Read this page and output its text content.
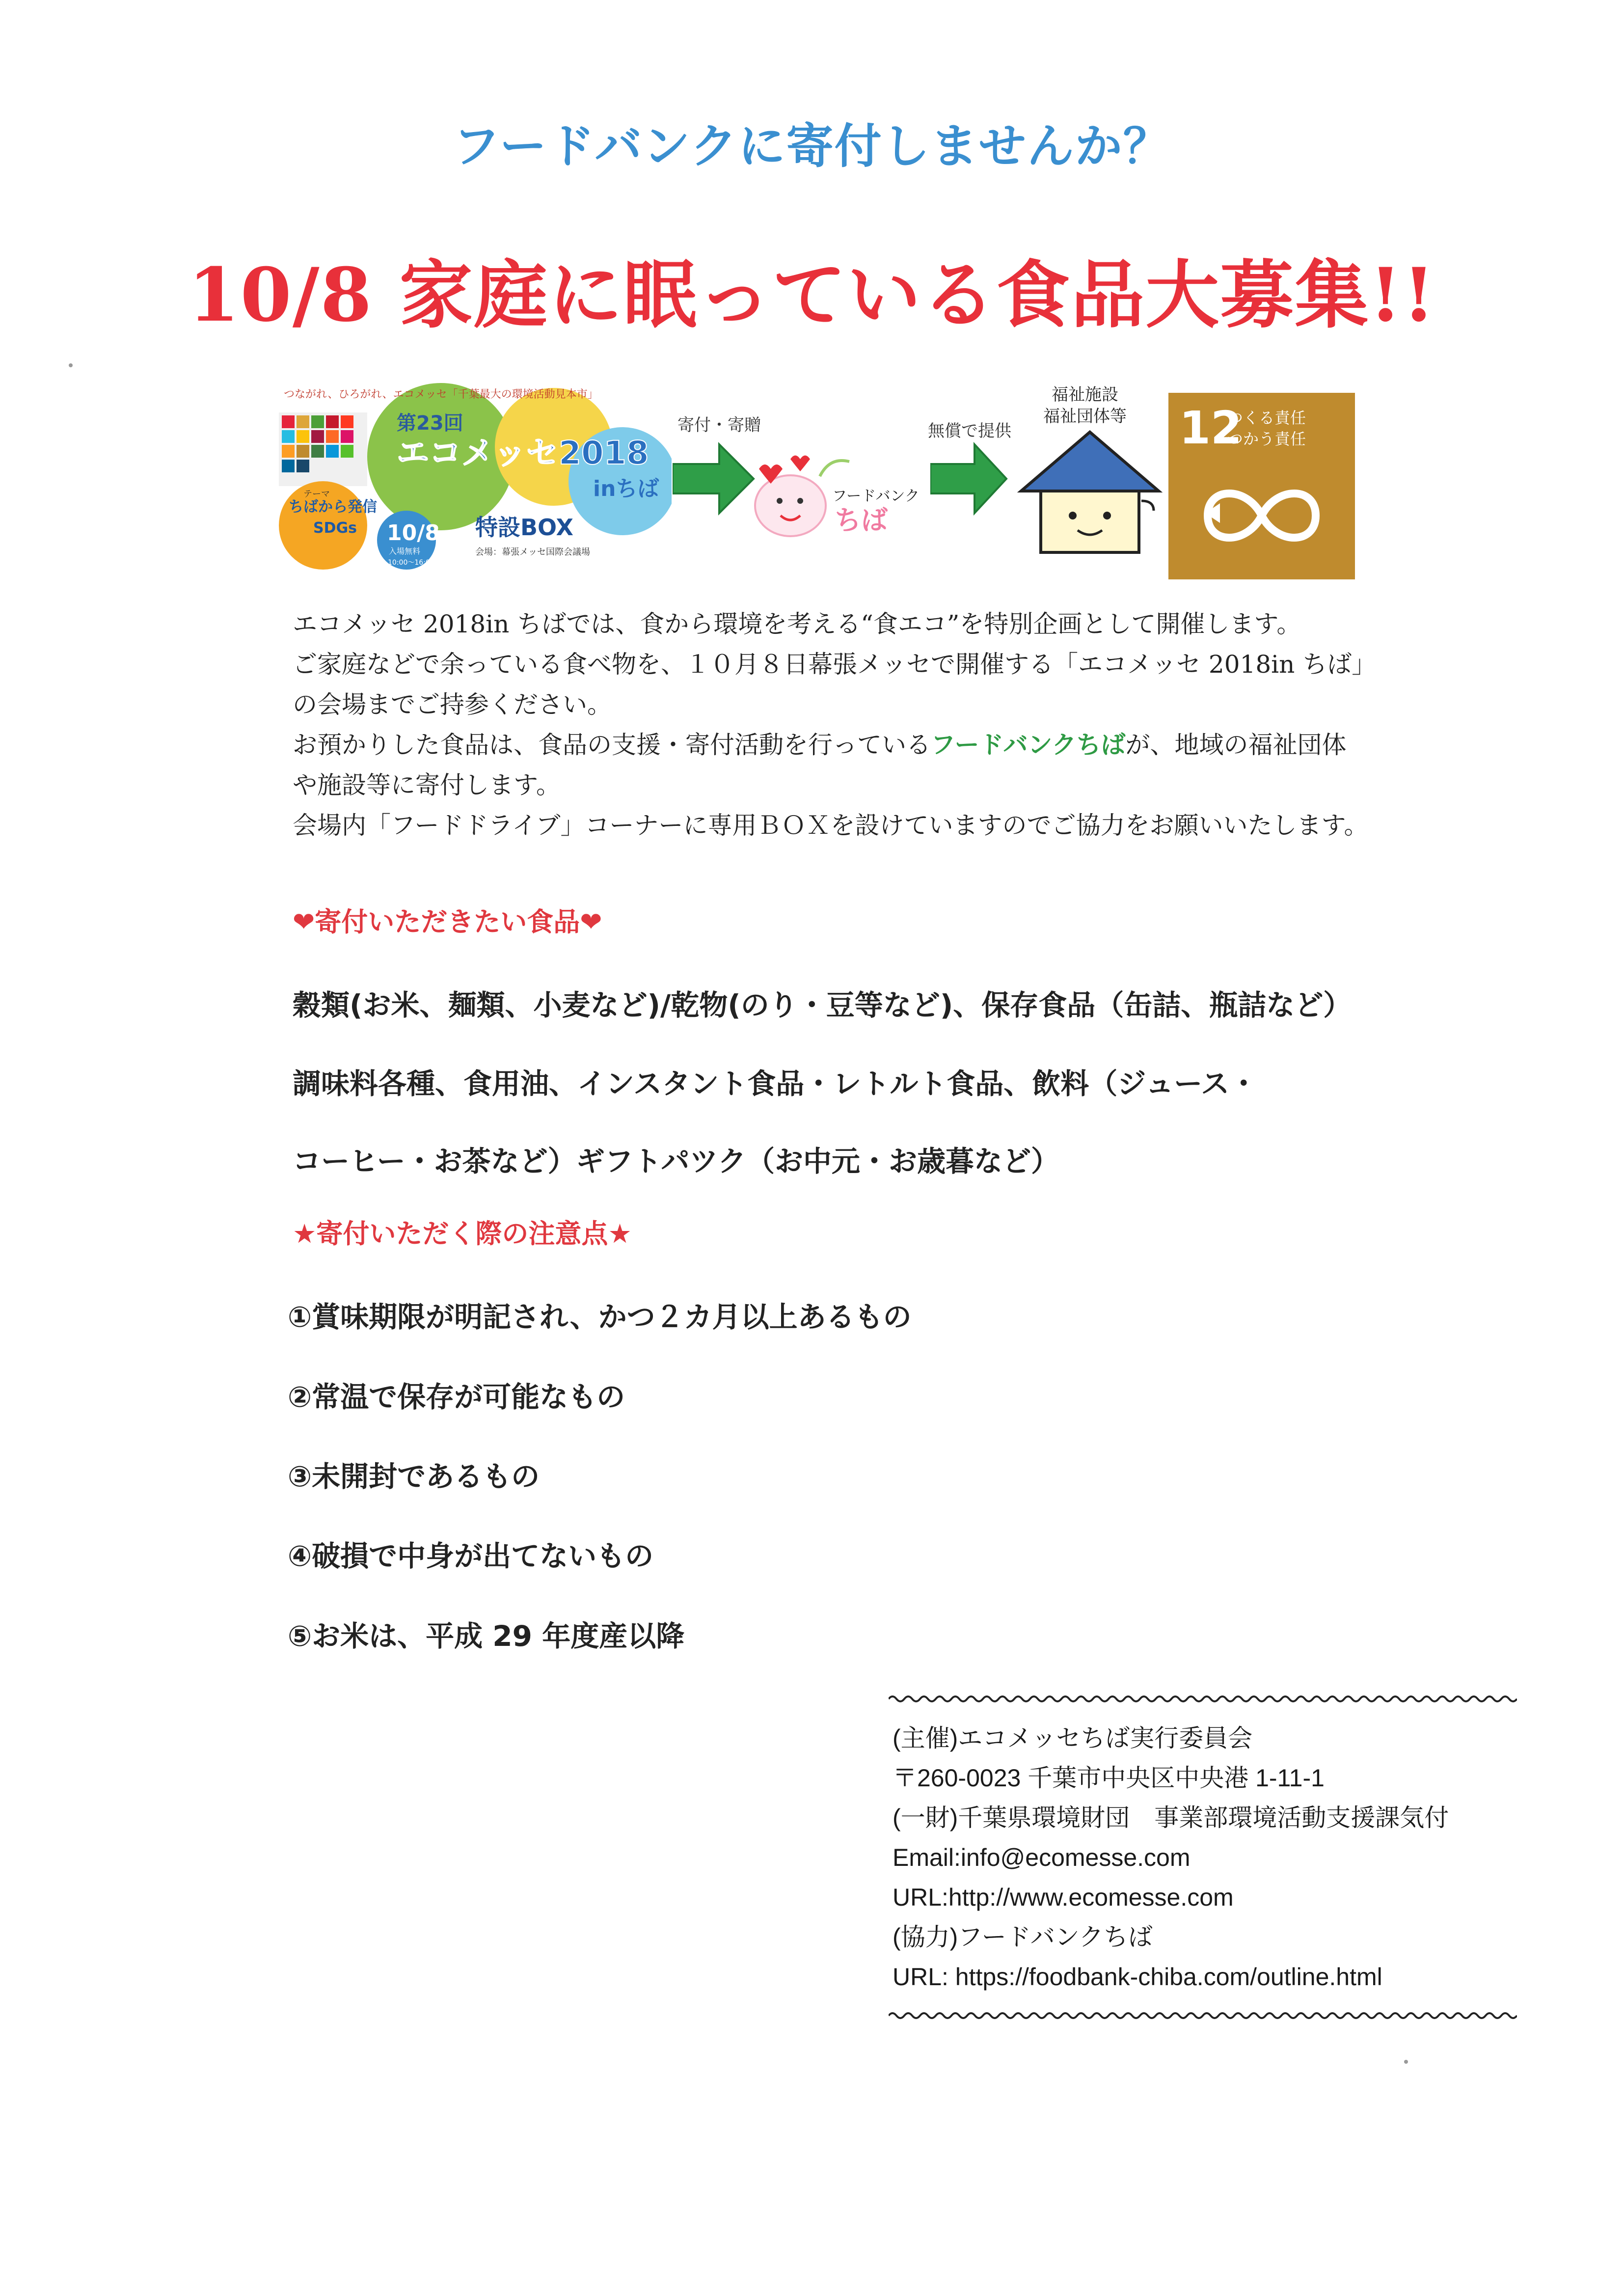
フードバンクに寄付しませんか？
10/8 家庭に眠っている食品大募集!!
つながれ、ひろがれ、エコメッセ「千葉最大の環境活動見本市」
第23回
エコメッセ2018
inちば
テーマ
ちばから発信
SDGs 10/8
入場無料
10:00〜16:00
特設BOX
会場：幕張メッセ国際会議場
寄付・寄贈
フードバンク
ちば
無償で提供
福祉施設
福祉団体等	12
つくる責任
つかう責任
エコメッセ 2018in ちばでは、食から環境を考える“食エコ”を特別企画として開催します。
ご家庭などで余っている食べ物を、１０月８日幕張メッセで開催する「エコメッセ 2018in ちば」
の会場までご持参ください。
お預かりした食品は、食品の支援・寄付活動を行っているフードバンクちばが、地域の福祉団体
や施設等に寄付します。
会場内「フードドライブ」コーナーに専用ＢＯＸを設けていますのでご協力をお願いいたします。
❤寄付いただきたい食品❤
穀類(お米、麺類、小麦など)/乾物(のり・豆等など)、保存食品（缶詰、瓶詰など）
調味料各種、食用油、インスタント食品・レトルト食品、飲料（ジュース・
コーヒー・お茶など）ギフトパツク（お中元・お歳暮など）
★寄付いただく際の注意点★
①賞味期限が明記され、かつ２カ月以上あるもの
②常温で保存が可能なもの
③未開封であるもの
④破損で中身が出てないもの
⑤お米は、平成 29 年度産以降
(主催)エコメッセちば実行委員会
〒260-0023 千葉市中央区中央港 1-11-1
(一財)千葉県環境財団　事業部環境活動支援課気付
Email:info@ecomesse.com
URL:http://www.ecomesse.com
(協力)フードバンクちば
URL: https://foodbank-chiba.com/outline.html
